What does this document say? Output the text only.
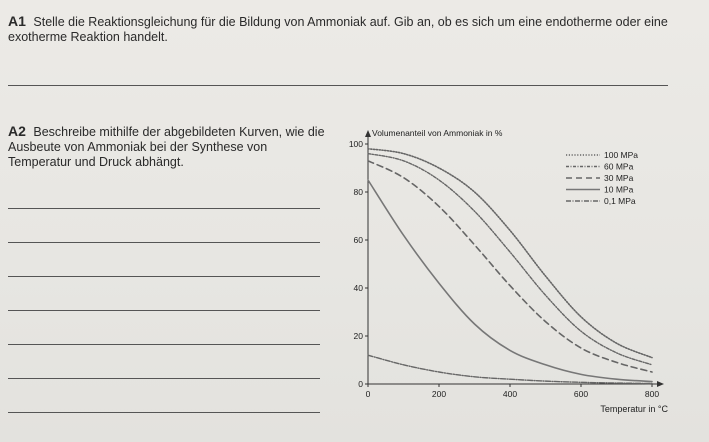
A1 Stelle die Reaktionsgleichung für die Bildung von Ammoniak auf. Gib an, ob es sich um eine endotherme oder eine exotherme Reaktion handelt.
A2 Beschreibe mithilfe der abgebildeten Kurven, wie die Ausbeute von Ammoniak bei der Synthese von Temperatur und Druck abhängt.
Volumenanteil von Ammoniak in %
Temperatur in °C
0
20
40
60
80
100
0	200	400	600	800
100 MPa
60 MPa
30 MPa
10 MPa
0,1 MPa
